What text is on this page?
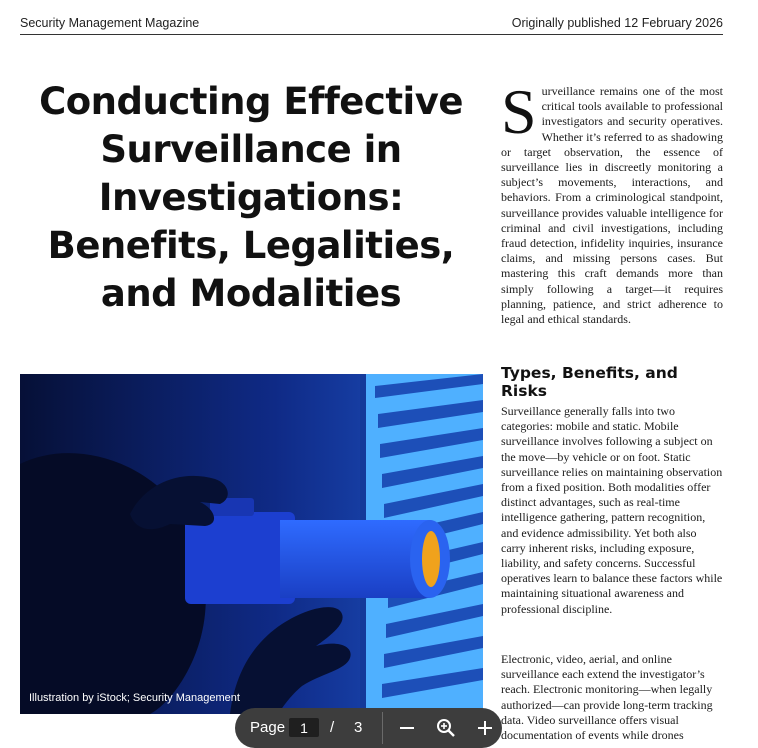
Security Management Magazine	Originally published 12 February 2026
Conducting Effective
Surveillance in
Investigations:
Benefits, Legalities,
and Modalities
Illustration by iStock; Security Management
S urveillance remains one of the most critical tools available to professional investigators and security operatives. Whether it’s referred to as shadowing or target observation, the essence of surveillance lies in discreetly monitoring a subject’s movements, interactions, and behaviors. From a criminological standpoint, surveillance provides valuable intelligence for criminal and civil investigations, including fraud detection, infidelity inquiries, insurance claims, and missing persons cases. But mastering this craft demands more than simply following a target—it requires planning, patience, and strict adherence to legal and ethical standards.

Types, Benefits, and Risks

Surveillance generally falls into two categories: mobile and static. Mobile surveillance involves following a subject on the move—by vehicle or on foot. Static surveillance relies on maintaining observation from a fixed position. Both modalities offer distinct advantages, such as real-time intelligence gathering, pattern recognition, and evidence admissibility. Yet both also carry inherent risks, including exposure, liability, and safety concerns. Successful operatives learn to balance these factors while maintaining situational awareness and professional discipline.

Electronic, video, aerial, and online surveillance each extend the investigator’s reach. Electronic monitoring—when legally authorized—can provide long-term tracking data. Video surveillance offers visual documentation of events while drones

Page
1	/ 3
